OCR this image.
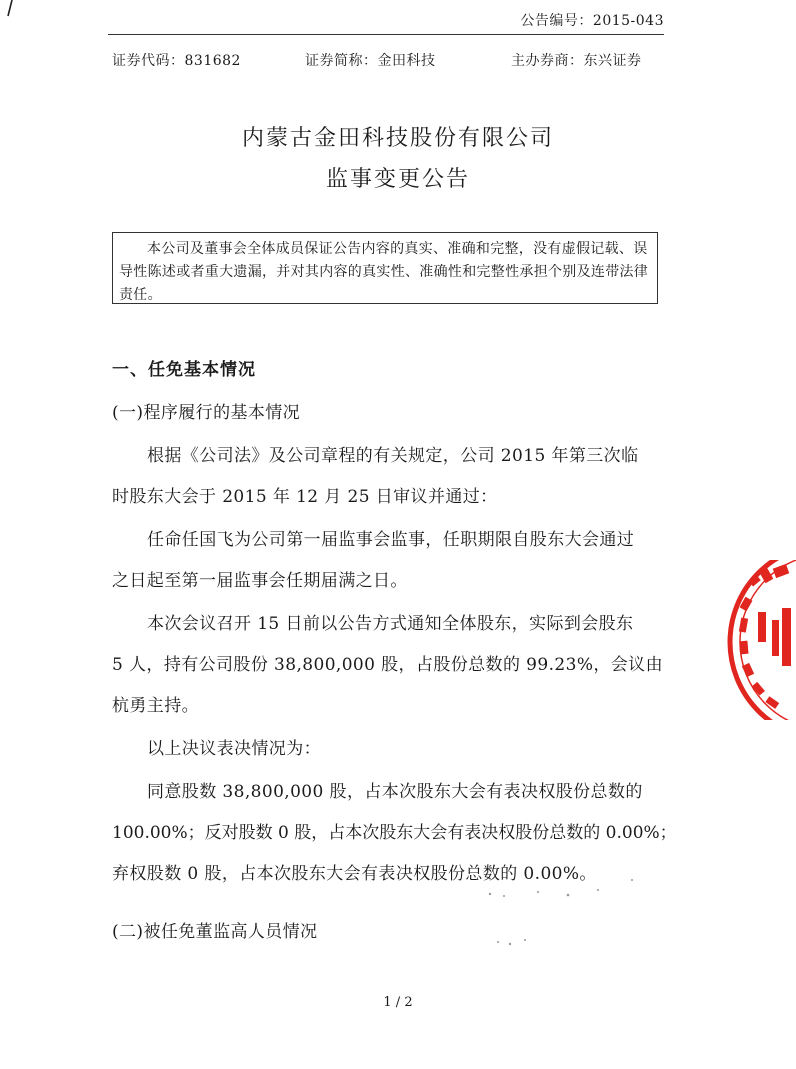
公告编号：2015-043
证券代码：831682	证券简称：金田科技	主办券商：东兴证券
内蒙古金田科技股份有限公司
监事变更公告
本公司及董事会全体成员保证公告内容的真实、准确和完整，没有虚假记载、误导性陈述或者重大遗漏，并对其内容的真实性、准确性和完整性承担个别及连带法律责任。
一、任免基本情况
(一)程序履行的基本情况
根据《公司法》及公司章程的有关规定，公司 2015 年第三次临
时股东大会于 2015 年 12 月 25 日审议并通过：
任命任国飞为公司第一届监事会监事，任职期限自股东大会通过
之日起至第一届监事会任期届满之日。
本次会议召开 15 日前以公告方式通知全体股东，实际到会股东
5 人，持有公司股份 38,800,000 股，占股份总数的 99.23%，会议由
杭勇主持。
以上决议表决情况为：
同意股数 38,800,000 股，占本次股东大会有表决权股份总数的
100.00%；反对股数 0 股，占本次股东大会有表决权股份总数的 0.00%；
弃权股数 0 股，占本次股东大会有表决权股份总数的 0.00%。
(二)被任免董监高人员情况
1 / 2
